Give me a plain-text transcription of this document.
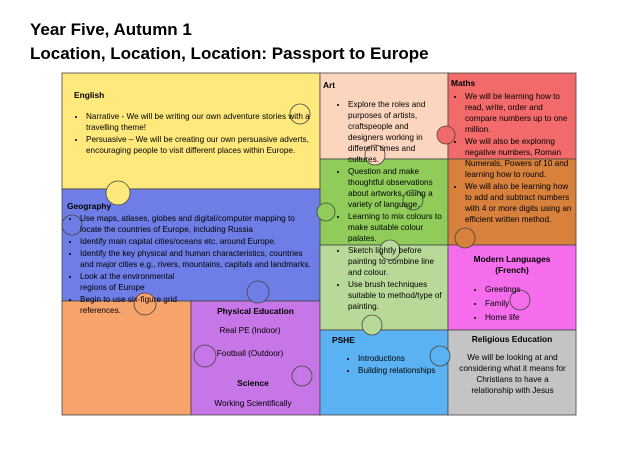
Year Five, Autumn 1
Location, Location, Location: Passport to Europe
English
• Narrative - We will be writing our own adventure stories with a travelling theme!
• Persuasive – We will be creating our own persuasive adverts, encouraging people to visit different places within Europe.
Art
• Explore the roles and purposes of artists, craftspeople and designers working in different times and cultures.
• Question and make thoughtful observations about artworks, using a variety of language.
• Learning to mix colours to make suitable colour palates.
• Sketch lightly before painting to combine line and colour.
• Use brush techniques suitable to method/type of painting.
Maths
• We will be learning how to read, write, order and compare numbers up to one million.
• We will also be exploring negative numbers, Roman Numerals, Powers of 10 and learning how to round.
• We will also be learning how to add and subtract numbers with 4 or more digits using an efficient written method.
Geography
• Use maps, atlases, globes and digital/computer mapping to locate the countries of Europe, including Russia
• Identify main capital cities/oceans etc. around Europe.
• Identify the key physical and human characteristics, countries and major cities e.g., rivers, mountains, capitals and landmarks.
• Look at the environmental regions of Europe
• Begin to use six-figure grid references.	Physical Education
Real PE (Indoor)
Football (Outdoor)
Science
Working Scientifically
Modern Languages
(French)
• Greetings
• Family
• Home life
PSHE
• Introductions
• Building relationships
Religious Education
We will be looking at and considering what it means for Christians to have a relationship with Jesus
